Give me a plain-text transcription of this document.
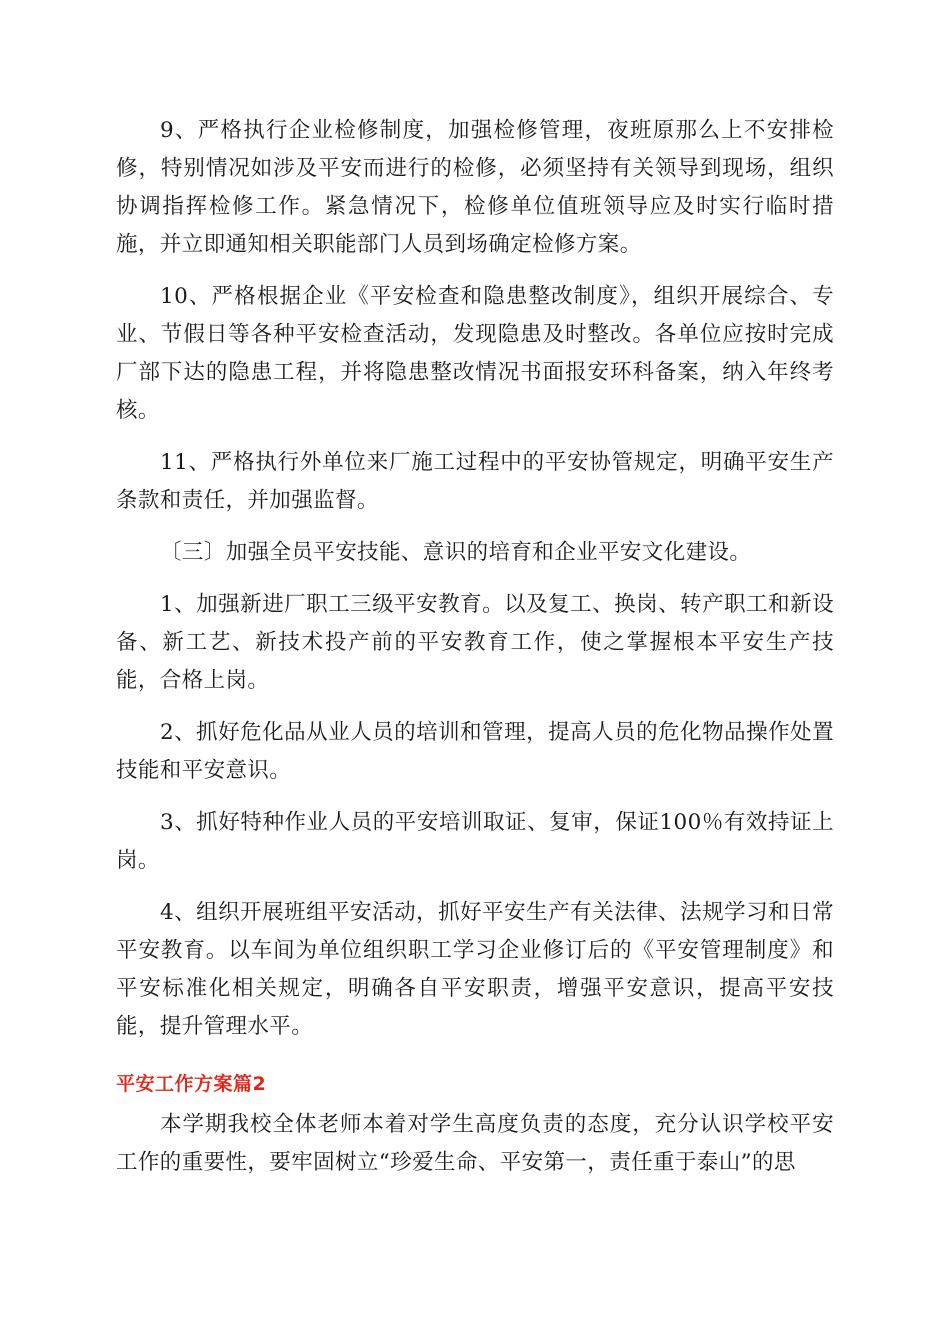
9、严格执行企业检修制度，加强检修管理，夜班原那么上不安排检修，特别情况如涉及平安而进行的检修，必须坚持有关领导到现场，组织协调指挥检修工作。紧急情况下，检修单位值班领导应及时实行临时措施，并立即通知相关职能部门人员到场确定检修方案。

10、严格根据企业《平安检查和隐患整改制度》，组织开展综合、专业、节假日等各种平安检查活动，发现隐患及时整改。各单位应按时完成厂部下达的隐患工程，并将隐患整改情况书面报安环科备案，纳入年终考核。

11、严格执行外单位来厂施工过程中的平安协管规定，明确平安生产条款和责任，并加强监督。

〔三〕加强全员平安技能、意识的培育和企业平安文化建设。

1、加强新进厂职工三级平安教育。以及复工、换岗、转产职工和新设备、新工艺、新技术投产前的平安教育工作，使之掌握根本平安生产技能，合格上岗。

2、抓好危化品从业人员的培训和管理，提高人员的危化物品操作处置技能和平安意识。

3、抓好特种作业人员的平安培训取证、复审，保证100％有效持证上岗。

4、组织开展班组平安活动，抓好平安生产有关法律、法规学习和日常平安教育。以车间为单位组织职工学习企业修订后的《平安管理制度》和平安标准化相关规定，明确各自平安职责，增强平安意识，提高平安技能，提升管理水平。

平安工作方案篇2

本学期我校全体老师本着对学生高度负责的态度，充分认识学校平安工作的重要性，要牢固树立“珍爱生命、平安第一，责任重于泰山”的思
